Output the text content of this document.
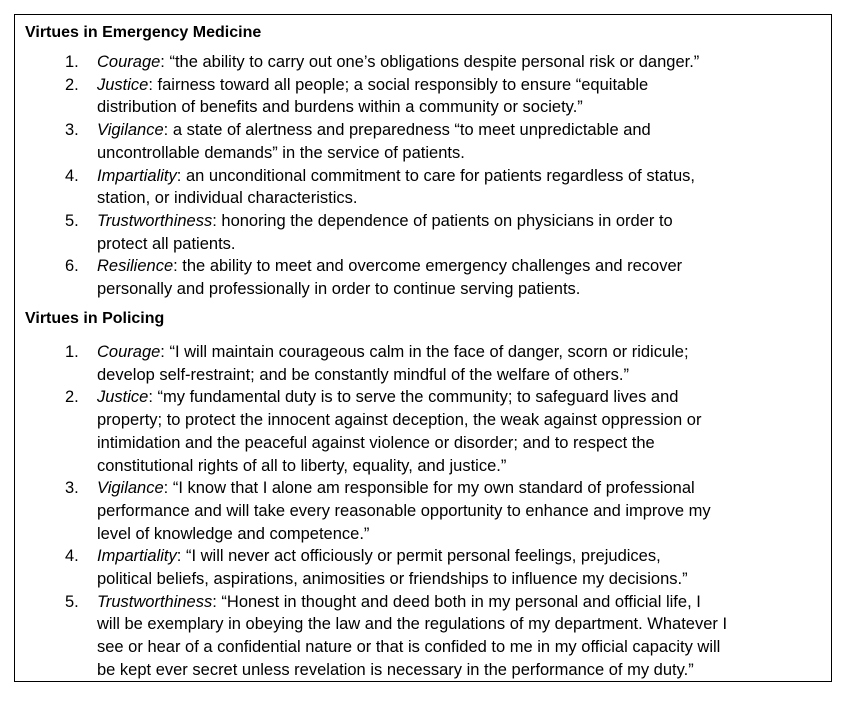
Virtues in Emergency Medicine
1. Courage: “the ability to carry out one’s obligations despite personal risk or danger.”
2. Justice: fairness toward all people; a social responsibly to ensure “equitable
distribution of benefits and burdens within a community or society.”
3. Vigilance: a state of alertness and preparedness “to meet unpredictable and
uncontrollable demands” in the service of patients.
4. Impartiality: an unconditional commitment to care for patients regardless of status,
station, or individual characteristics.
5. Trustworthiness: honoring the dependence of patients on physicians in order to
protect all patients.
6. Resilience: the ability to meet and overcome emergency challenges and recover
personally and professionally in order to continue serving patients.
Virtues in Policing
1. Courage: “I will maintain courageous calm in the face of danger, scorn or ridicule;
develop self-restraint; and be constantly mindful of the welfare of others.”
2. Justice: “my fundamental duty is to serve the community; to safeguard lives and
property; to protect the innocent against deception, the weak against oppression or
intimidation and the peaceful against violence or disorder; and to respect the
constitutional rights of all to liberty, equality, and justice.”
3. Vigilance: “I know that I alone am responsible for my own standard of professional
performance and will take every reasonable opportunity to enhance and improve my
level of knowledge and competence.”
4. Impartiality: “I will never act officiously or permit personal feelings, prejudices,
political beliefs, aspirations, animosities or friendships to influence my decisions.”
5. Trustworthiness: “Honest in thought and deed both in my personal and official life, I
will be exemplary in obeying the law and the regulations of my department. Whatever I
see or hear of a confidential nature or that is confided to me in my official capacity will
be kept ever secret unless revelation is necessary in the performance of my duty.”
